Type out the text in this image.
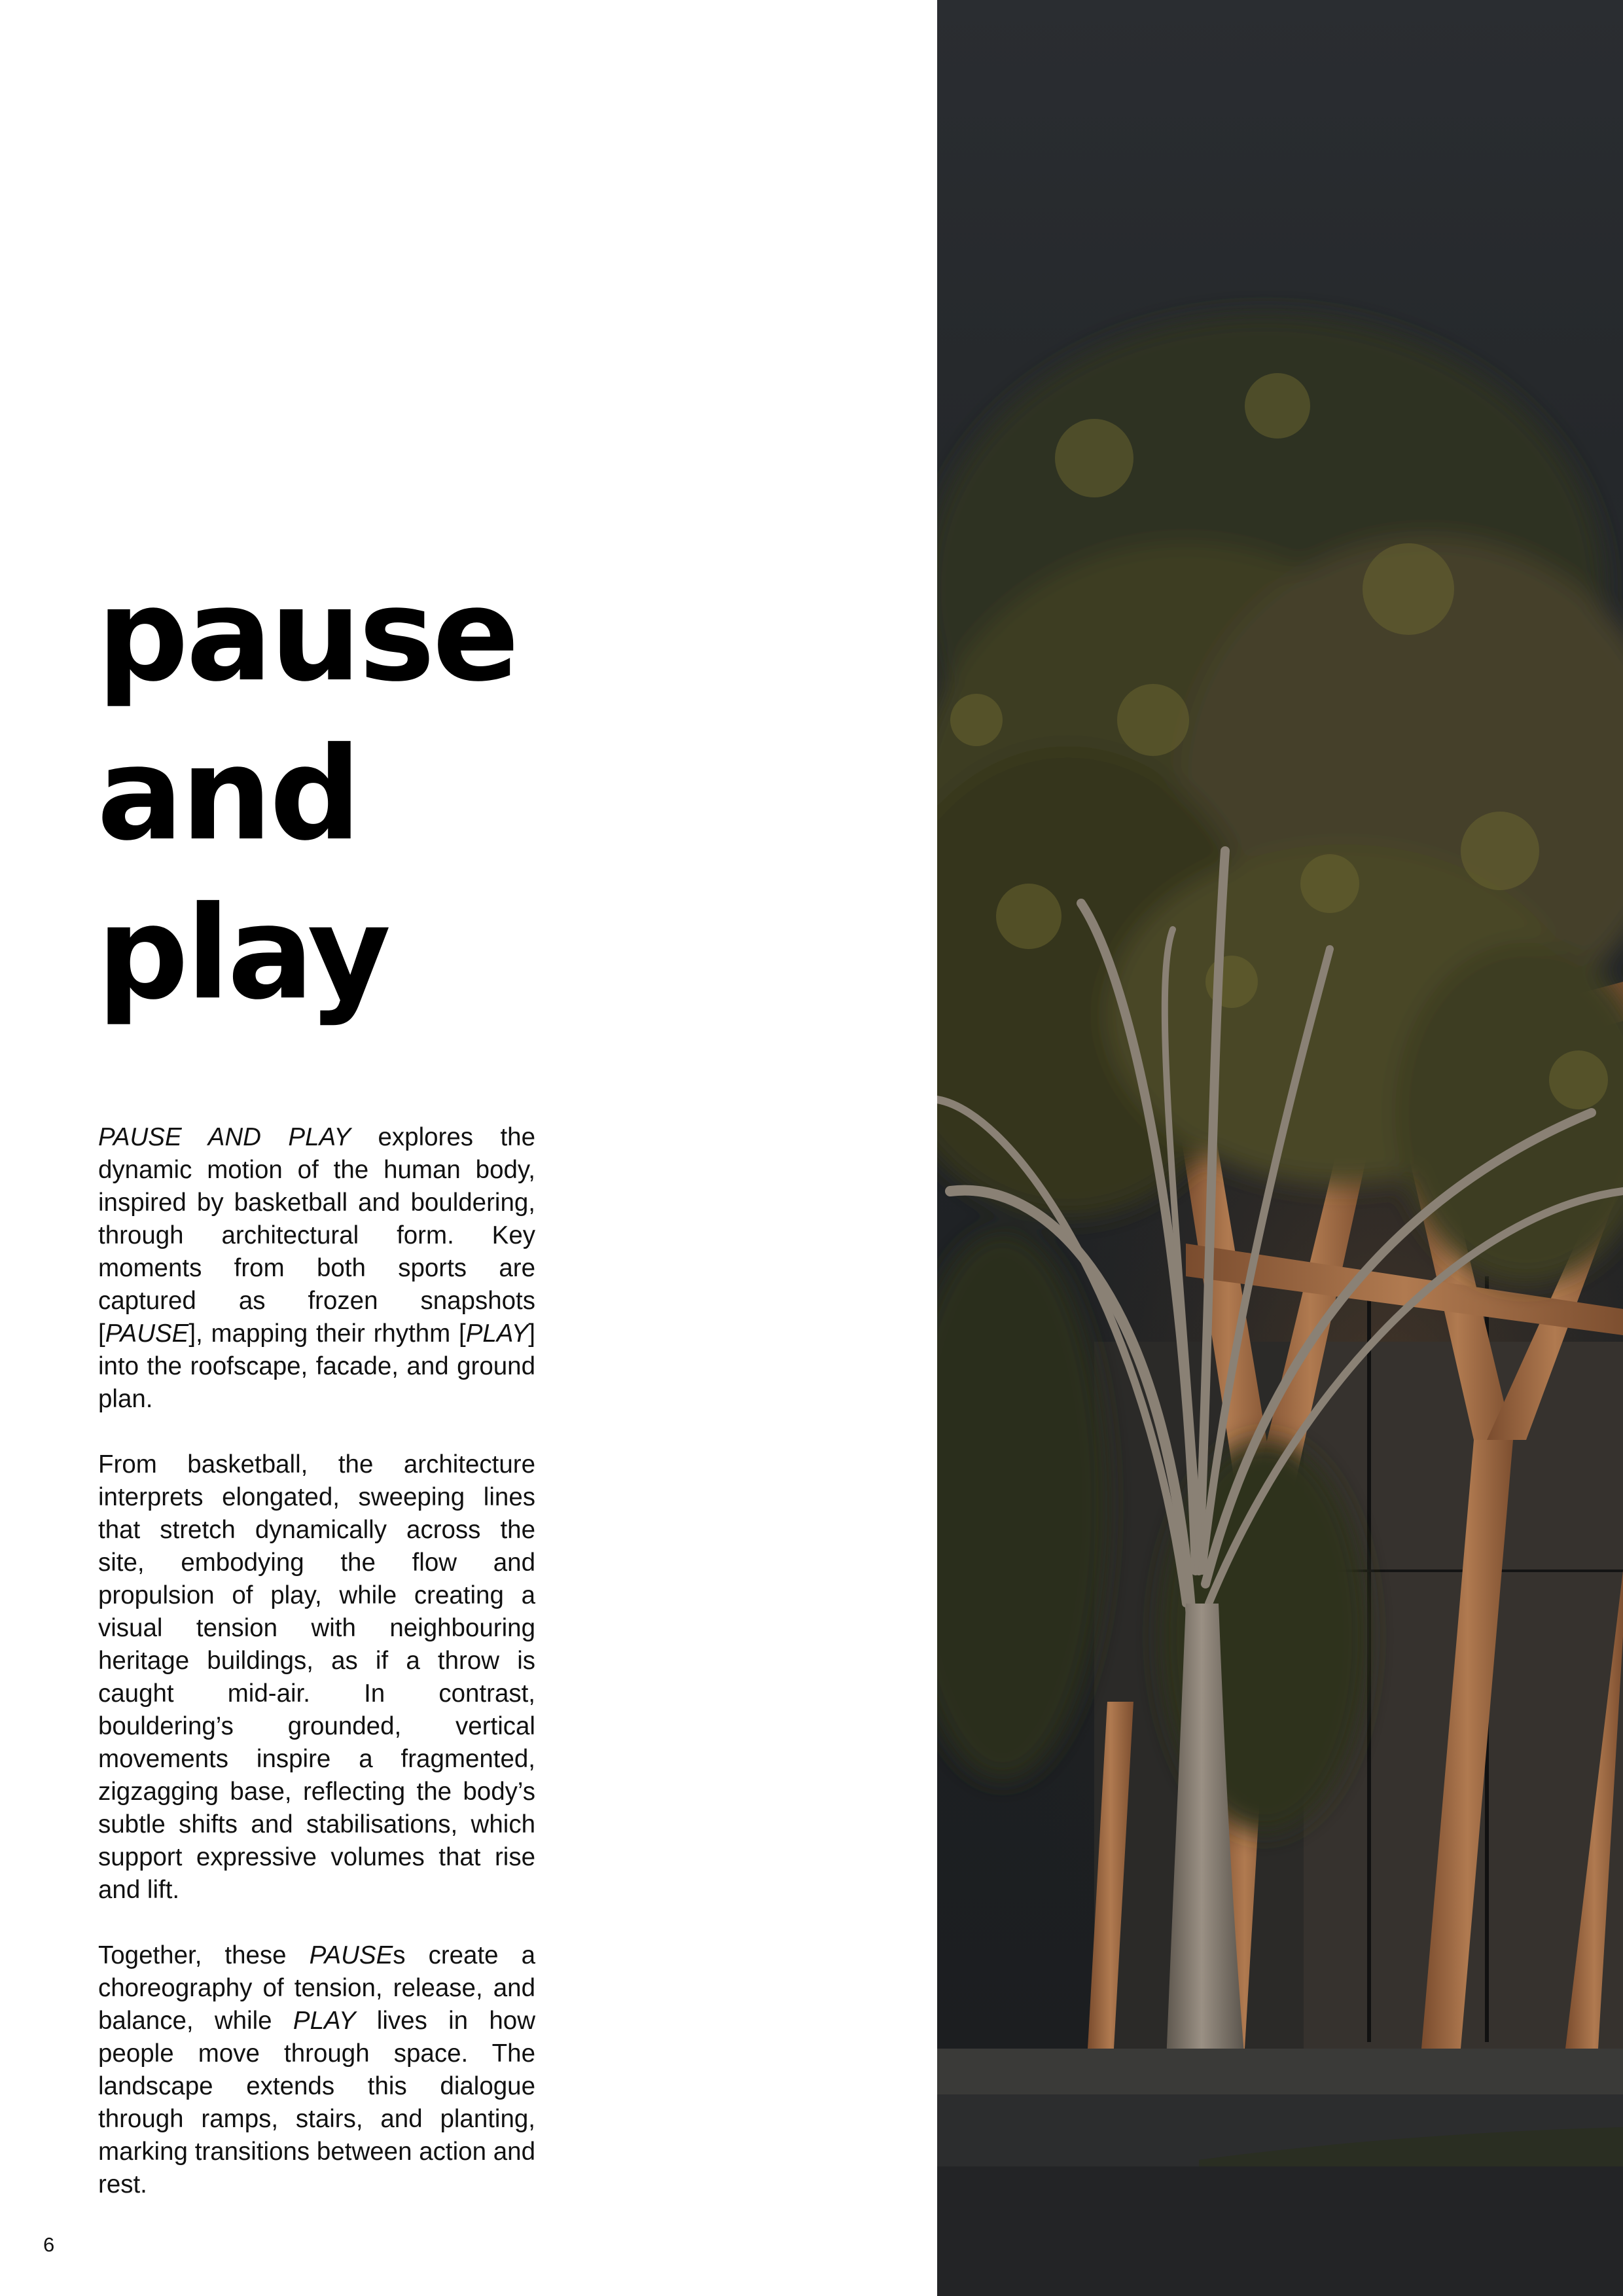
pause
and
play

PAUSE AND PLAY explores the dynamic motion of the human body, inspired by basketball and bouldering, through architectural form. Key moments from both sports are captured as frozen snapshots [PAUSE], mapping their rhythm [PLAY] into the roofscape, facade, and ground plan.

From basketball, the architecture interprets elongated, sweeping lines that stretch dynamically across the site, embodying the flow and propulsion of play, while creating a visual tension with neighbouring heritage buildings, as if a throw is caught mid-air. In contrast, bouldering’s grounded, vertical movements inspire a fragmented, zigzagging base, reflecting the body’s subtle shifts and stabilisations, which support expressive volumes that rise and lift.

Together, these PAUSEs create a choreography of tension, release, and balance, while PLAY lives in how people move through space. The landscape extends this dialogue through ramps, stairs, and planting, marking transitions between action and rest.

6
